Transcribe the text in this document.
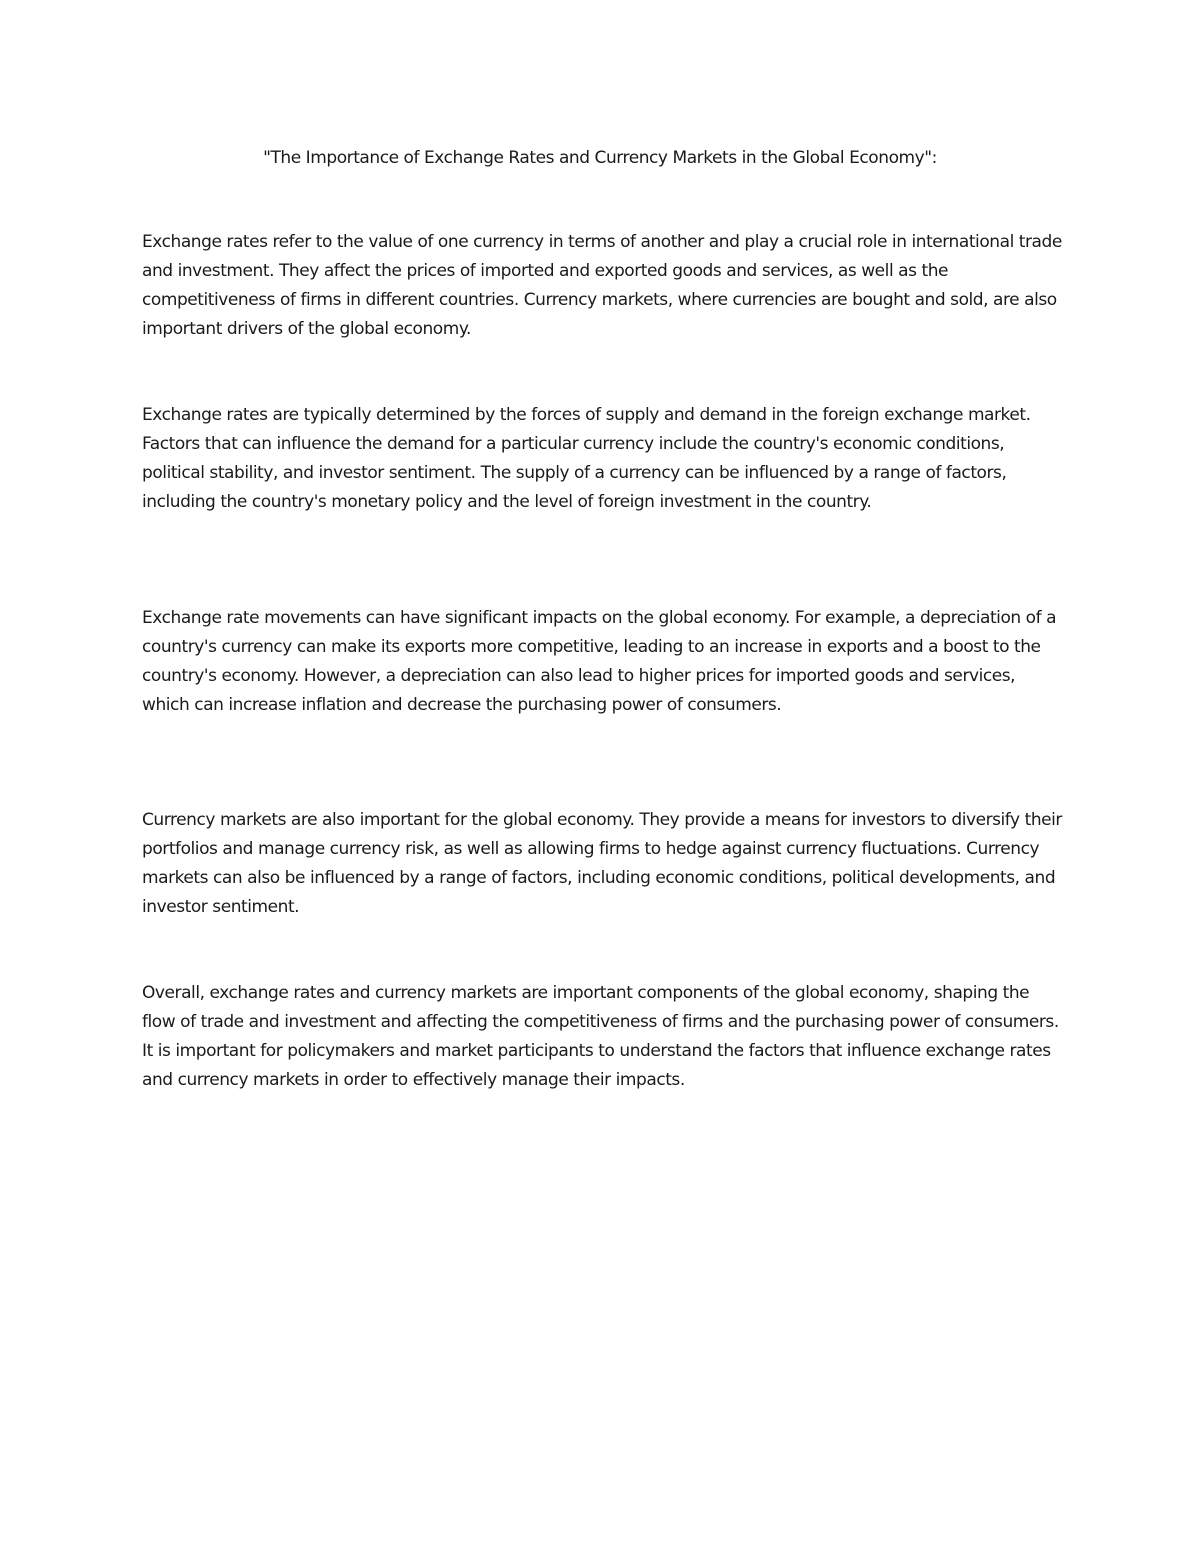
"The Importance of Exchange Rates and Currency Markets in the Global Economy":

Exchange rates refer to the value of one currency in terms of another and play a crucial role in international trade and investment. They affect the prices of imported and exported goods and services, as well as the competitiveness of firms in different countries. Currency markets, where currencies are bought and sold, are also important drivers of the global economy.

Exchange rates are typically determined by the forces of supply and demand in the foreign exchange market. Factors that can influence the demand for a particular currency include the country's economic conditions, political stability, and investor sentiment. The supply of a currency can be influenced by a range of factors, including the country's monetary policy and the level of foreign investment in the country.

Exchange rate movements can have significant impacts on the global economy. For example, a depreciation of a country's currency can make its exports more competitive, leading to an increase in exports and a boost to the country's economy. However, a depreciation can also lead to higher prices for imported goods and services, which can increase inflation and decrease the purchasing power of consumers.

Currency markets are also important for the global economy. They provide a means for investors to diversify their portfolios and manage currency risk, as well as allowing firms to hedge against currency fluctuations. Currency markets can also be influenced by a range of factors, including economic conditions, political developments, and investor sentiment.

Overall, exchange rates and currency markets are important components of the global economy, shaping the flow of trade and investment and affecting the competitiveness of firms and the purchasing power of consumers. It is important for policymakers and market participants to understand the factors that influence exchange rates and currency markets in order to effectively manage their impacts.
